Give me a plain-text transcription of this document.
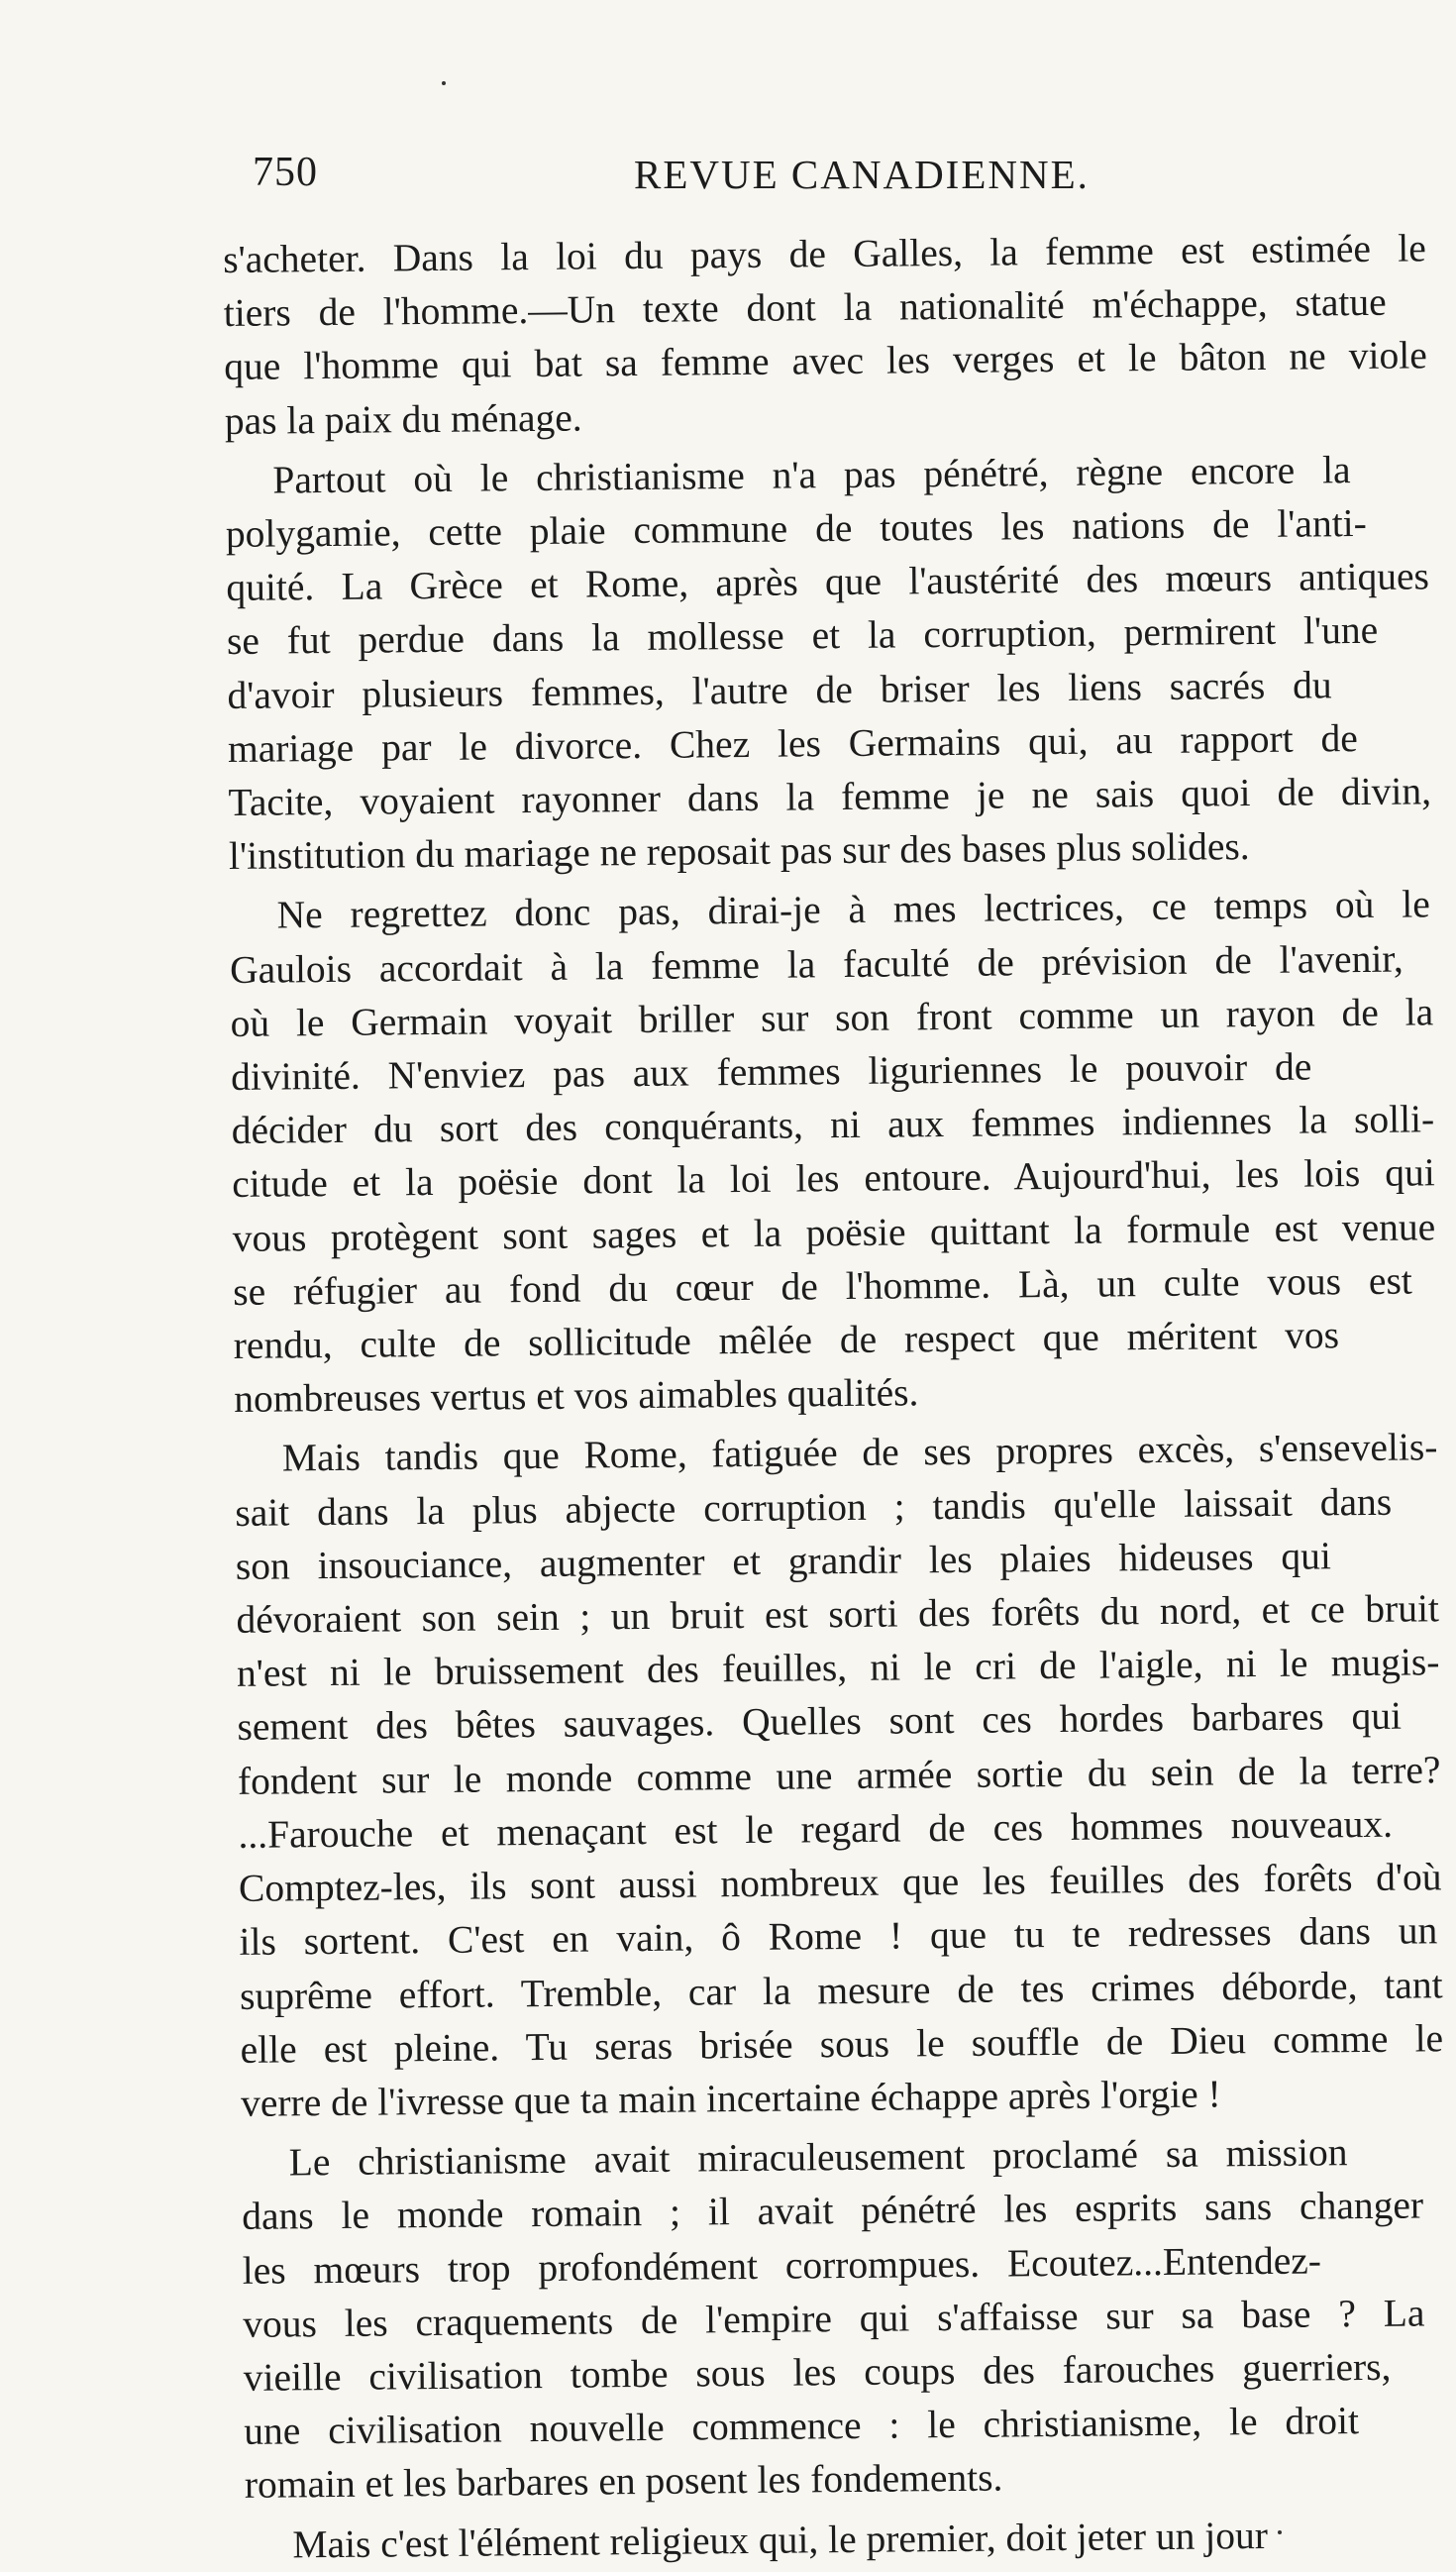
750	REVUE CANADIENNE.

s'acheter. Dans la loi du pays de Galles, la femme est estimée le
tiers de l'homme.—Un texte dont la nationalité m'échappe, statue
que l'homme qui bat sa femme avec les verges et le bâton ne viole
pas la paix du ménage.

Partout où le christianisme n'a pas pénétré, règne encore la
polygamie, cette plaie commune de toutes les nations de l'anti-
quité. La Grèce et Rome, après que l'austérité des mœurs antiques
se fut perdue dans la mollesse et la corruption, permirent l'une
d'avoir plusieurs femmes, l'autre de briser les liens sacrés du
mariage par le divorce. Chez les Germains qui, au rapport de
Tacite, voyaient rayonner dans la femme je ne sais quoi de divin,
l'institution du mariage ne reposait pas sur des bases plus solides.

Ne regrettez donc pas, dirai-je à mes lectrices, ce temps où le
Gaulois accordait à la femme la faculté de prévision de l'avenir,
où le Germain voyait briller sur son front comme un rayon de la
divinité. N'enviez pas aux femmes liguriennes le pouvoir de
décider du sort des conquérants, ni aux femmes indiennes la solli-
citude et la poësie dont la loi les entoure. Aujourd'hui, les lois qui
vous protègent sont sages et la poësie quittant la formule est venue
se réfugier au fond du cœur de l'homme. Là, un culte vous est
rendu, culte de sollicitude mêlée de respect que méritent vos
nombreuses vertus et vos aimables qualités.

Mais tandis que Rome, fatiguée de ses propres excès, s'ensevelis-
sait dans la plus abjecte corruption ; tandis qu'elle laissait dans
son insouciance, augmenter et grandir les plaies hideuses qui
dévoraient son sein ; un bruit est sorti des forêts du nord, et ce bruit
n'est ni le bruissement des feuilles, ni le cri de l'aigle, ni le mugis-
sement des bêtes sauvages. Quelles sont ces hordes barbares qui
fondent sur le monde comme une armée sortie du sein de la terre?
...Farouche et menaçant est le regard de ces hommes nouveaux.
Comptez-les, ils sont aussi nombreux que les feuilles des forêts d'où
ils sortent. C'est en vain, ô Rome ! que tu te redresses dans un
suprême effort. Tremble, car la mesure de tes crimes déborde, tant
elle est pleine. Tu seras brisée sous le souffle de Dieu comme le
verre de l'ivresse que ta main incertaine échappe après l'orgie !

Le christianisme avait miraculeusement proclamé sa mission
dans le monde romain ; il avait pénétré les esprits sans changer
les mœurs trop profondément corrompues. Ecoutez...Entendez-
vous les craquements de l'empire qui s'affaisse sur sa base ? La
vieille civilisation tombe sous les coups des farouches guerriers,
une civilisation nouvelle commence : le christianisme, le droit
romain et les barbares en posent les fondements.

Mais c'est l'élément religieux qui, le premier, doit jeter un jour
